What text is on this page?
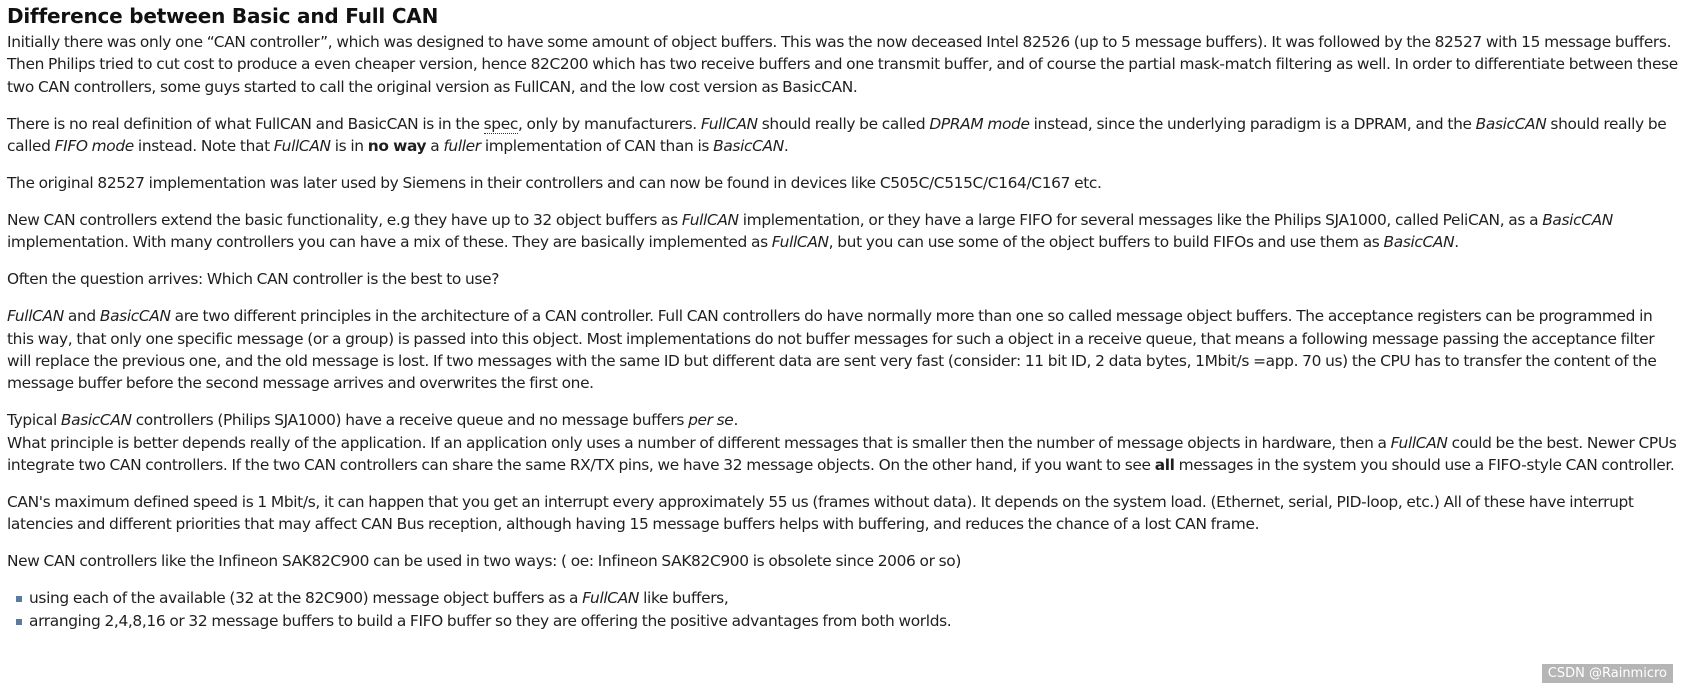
Difference between Basic and Full CAN

Initially there was only one “CAN controller”, which was designed to have some amount of object buffers. This was the now deceased Intel 82526 (up to 5 message buffers). It was followed by the 82527 with 15 message buffers. Then Philips tried to cut cost to produce a even cheaper version, hence 82C200 which has two receive buffers and one transmit buffer, and of course the partial mask-match filtering as well. In order to differentiate between these two CAN controllers, some guys started to call the original version as FullCAN, and the low cost version as BasicCAN.

There is no real definition of what FullCAN and BasicCAN is in the spec, only by manufacturers. FullCAN should really be called DPRAM mode instead, since the underlying paradigm is a DPRAM, and the BasicCAN should really be called FIFO mode instead. Note that FullCAN is in no way a fuller implementation of CAN than is BasicCAN.

The original 82527 implementation was later used by Siemens in their controllers and can now be found in devices like C505C/C515C/C164/C167 etc.

New CAN controllers extend the basic functionality, e.g they have up to 32 object buffers as FullCAN implementation, or they have a large FIFO for several messages like the Philips SJA1000, called PeliCAN, as a BasicCAN implementation. With many controllers you can have a mix of these. They are basically implemented as FullCAN, but you can use some of the object buffers to build FIFOs and use them as BasicCAN.

Often the question arrives: Which CAN controller is the best to use?

FullCAN and BasicCAN are two different principles in the architecture of a CAN controller. Full CAN controllers do have normally more than one so called message object buffers. The acceptance registers can be programmed in this way, that only one specific message (or a group) is passed into this object. Most implementations do not buffer messages for such a object in a receive queue, that means a following message passing the acceptance filter will replace the previous one, and the old message is lost. If two messages with the same ID but different data are sent very fast (consider: 11 bit ID, 2 data bytes, 1Mbit/s =app. 70 us) the CPU has to transfer the content of the message buffer before the second message arrives and overwrites the first one.

Typical BasicCAN controllers (Philips SJA1000) have a receive queue and no message buffers per se.

What principle is better depends really of the application. If an application only uses a number of different messages that is smaller then the number of message objects in hardware, then a FullCAN could be the best. Newer CPUs integrate two CAN controllers. If the two CAN controllers can share the same RX/TX pins, we have 32 message objects. On the other hand, if you want to see all messages in the system you should use a FIFO-style CAN controller.

CAN's maximum defined speed is 1 Mbit/s, it can happen that you get an interrupt every approximately 55 us (frames without data). It depends on the system load. (Ethernet, serial, PID-loop, etc.) All of these have interrupt latencies and different priorities that may affect CAN Bus reception, although having 15 message buffers helps with buffering, and reduces the chance of a lost CAN frame.

New CAN controllers like the Infineon SAK82C900 can be used in two ways: ( oe: Infineon SAK82C900 is obsolete since 2006 or so)

using each of the available (32 at the 82C900) message object buffers as a FullCAN like buffers,
arranging 2,4,8,16 or 32 message buffers to build a FIFO buffer so they are offering the positive advantages from both worlds.
CSDN @Rainmicro
